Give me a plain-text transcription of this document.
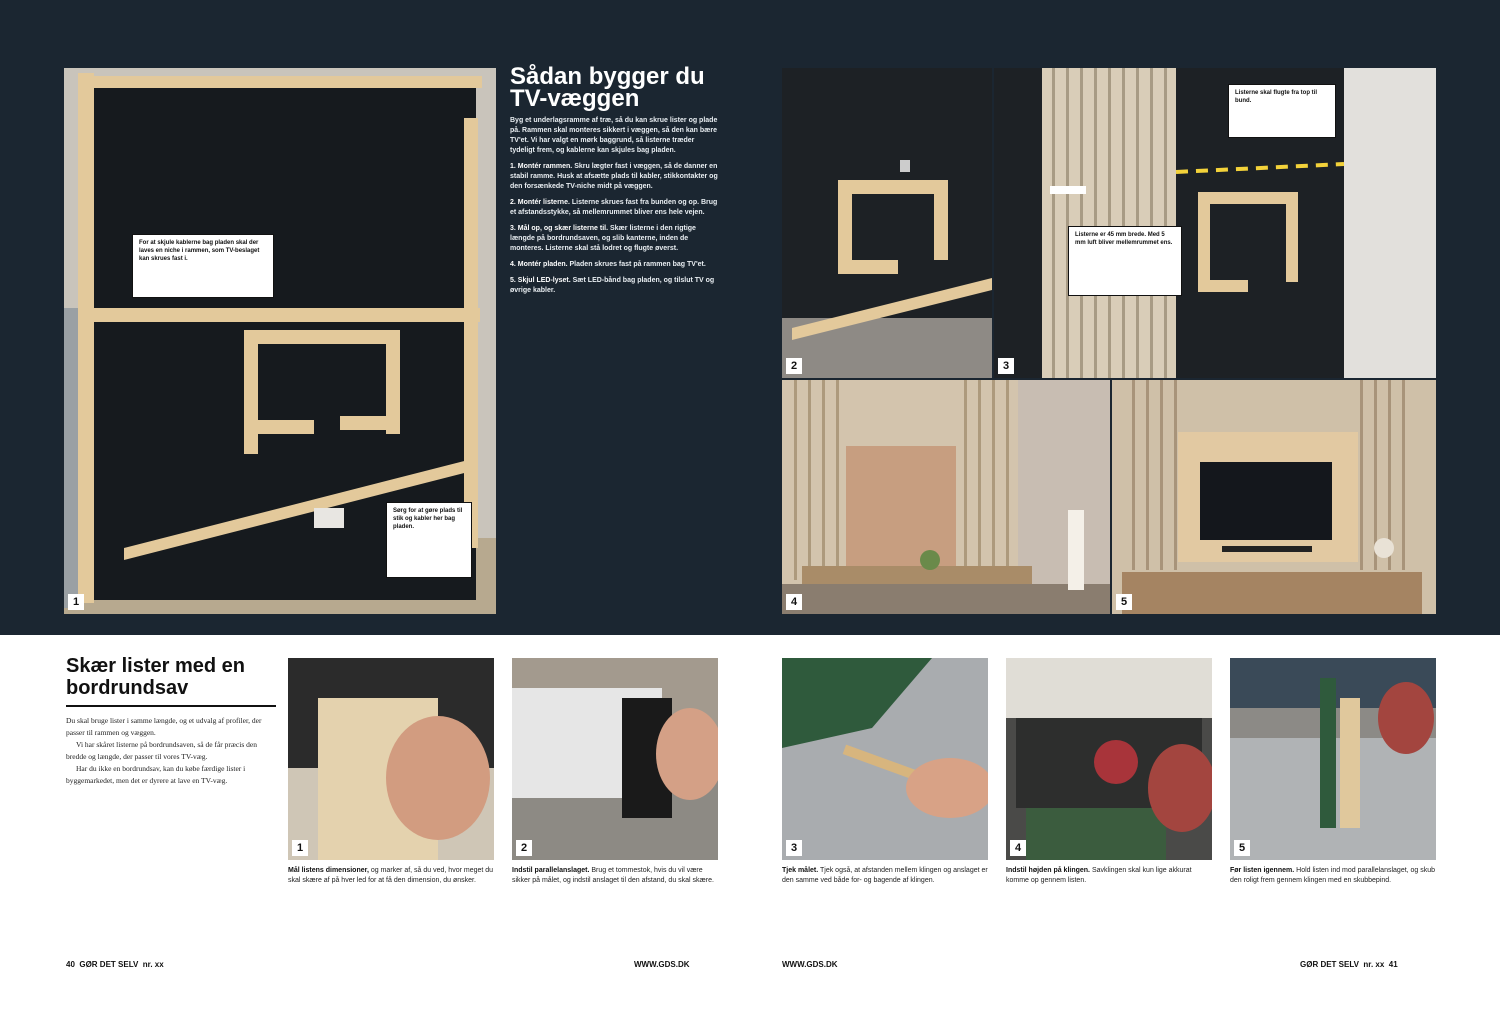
1
For at skjule kablerne bag pladen skal der laves en niche i rammen, som TV-beslaget kan skrues fast i.
Sørg for at gøre plads til stik og kabler her bag pladen.
Sådan bygger du
TV-væggen

Byg et underlagsramme af træ, så du kan skrue lister og plade på. Rammen skal monteres sikkert i væggen, så den kan bære TV'et. Vi har valgt en mørk baggrund, så listerne træder tydeligt frem, og kablerne kan skjules bag pladen.

1. Montér rammen. Skru lægter fast i væggen, så de danner en stabil ramme. Husk at afsætte plads til kabler, stikkontakter og den forsænkede TV-niche midt på væggen.

2. Montér listerne. Listerne skrues fast fra bunden og op. Brug et afstandsstykke, så mellemrummet bliver ens hele vejen.

3. Mål op, og skær listerne til. Skær listerne i den rigtige længde på bordrundsaven, og slib kanterne, inden de monteres. Listerne skal stå lodret og flugte øverst.

4. Montér pladen. Pladen skrues fast på rammen bag TV'et.

5. Skjul LED-lyset. Sæt LED-bånd bag pladen, og tilslut TV og øvrige kabler.

2	3
Listerne er 45 mm brede. Med 5 mm luft bliver mellemrummet ens.
Listerne skal flugte fra top til bund.
4	5
Skær lister med en bordrundsav

Du skal bruge lister i samme længde, og et udvalg af profiler, der passer til rammen og væggen.

Vi har skåret listerne på bordrundsaven, så de får præcis den bredde og længde, der passer til vores TV-væg.

Har du ikke en bordrundsav, kan du købe færdige lister i byggemarkedet, men det er dyrere at lave en TV-væg.

1	2	3	4	5
Mål listens dimensioner, og marker af, så du ved, hvor meget du skal skære af på hver led for at få den dimension, du ønsker.
Indstil parallelanslaget. Brug et tommestok, hvis du vil være sikker på målet, og indstil anslaget til den afstand, du skal skære.
Tjek målet. Tjek også, at afstanden mellem klingen og anslaget er den samme ved både for- og bagende af klingen.
Indstil højden på klingen. Savklingen skal kun lige akkurat komme op gennem listen.
Før listen igennem. Hold listen ind mod parallelanslaget, og skub den roligt frem gennem klingen med en skubbepind.
40 GØR DET SELV nr. xx	WWW.GDS.DK	WWW.GDS.DK	GØR DET SELV nr. xx 41
